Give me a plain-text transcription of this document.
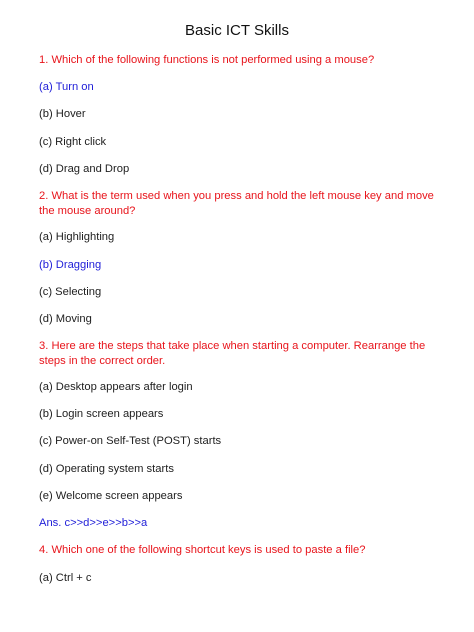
Basic ICT Skills
1. Which of the following functions is not performed using a mouse?
(a) Turn on
(b) Hover
(c) Right click
(d) Drag and Drop
2. What is the term used when you press and hold the left mouse key and move the mouse around?
(a) Highlighting
(b) Dragging
(c) Selecting
(d) Moving
3. Here are the steps that take place when starting a computer. Rearrange the steps in the correct order.
(a) Desktop appears after login
(b) Login screen appears
(c) Power-on Self-Test (POST) starts
(d) Operating system starts
(e) Welcome screen appears
Ans. c>>d>>e>>b>>a
4. Which one of the following shortcut keys is used to paste a file?
(a) Ctrl + c
